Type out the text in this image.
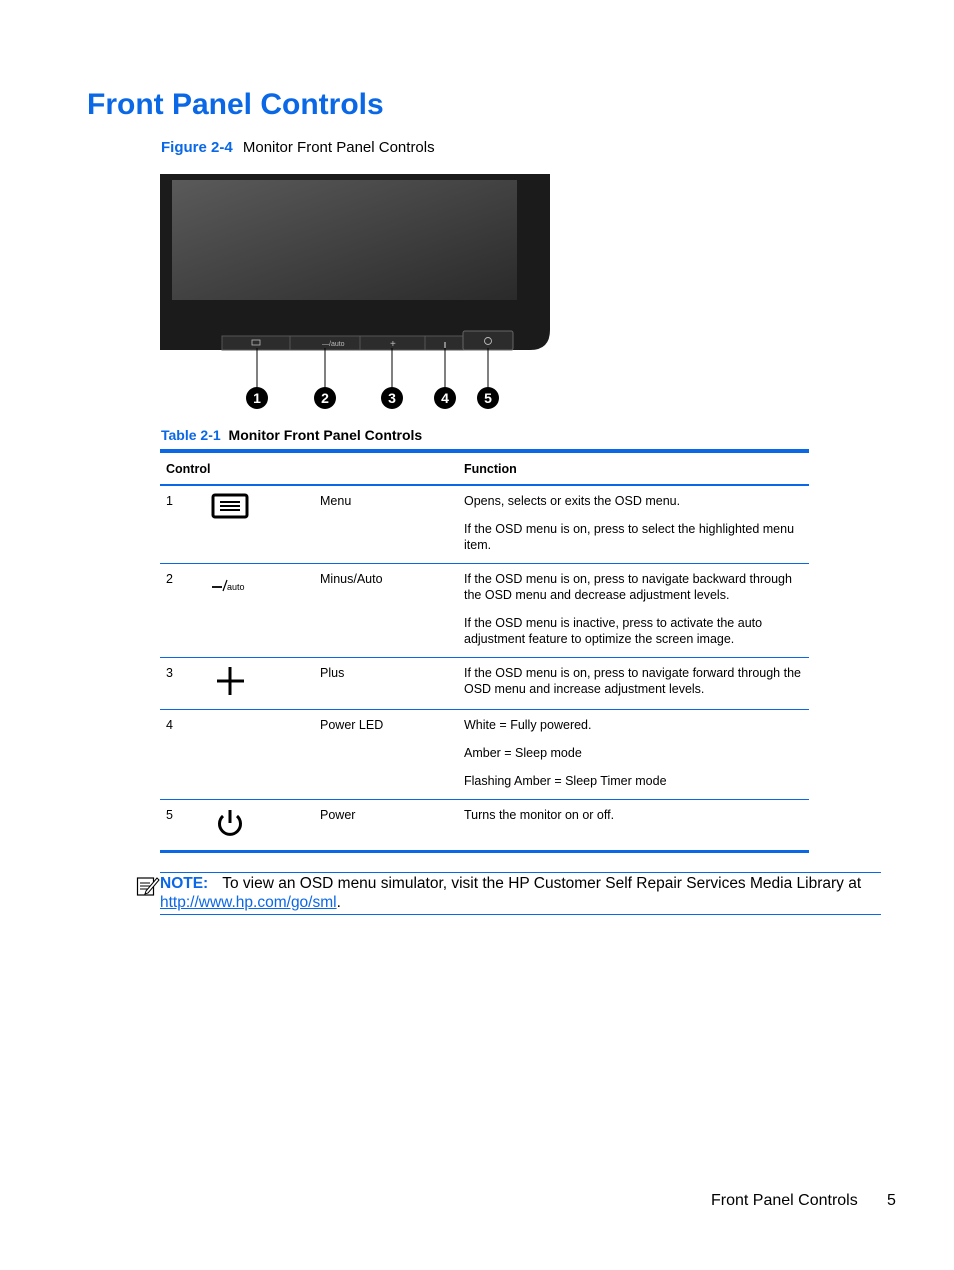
Front Panel Controls
Figure 2-4 Monitor Front Panel Controls
—/auto	+
1	2	3	4	5
Table 2-1 Monitor Front Panel Controls
Control			Function
1		Menu	Opens, selects or exits the OSD menu.

If the OSD menu is on, press to select the highlighted menu item.

2	auto	Minus/Auto	If the OSD menu is on, press to navigate backward through the OSD menu and decrease adjustment levels.

If the OSD menu is inactive, press to activate the auto adjustment feature to optimize the screen image.

3		Plus	If the OSD menu is on, press to navigate forward through the OSD menu and increase adjustment levels.

4		Power LED	White = Fully powered.

Amber = Sleep mode

Flashing Amber = Sleep Timer mode

5		Power	Turns the monitor on or off.

NOTE: To view an OSD menu simulator, visit the HP Customer Self Repair Services Media Library at http://www.hp.com/go/sml.
Front Panel Controls 5
